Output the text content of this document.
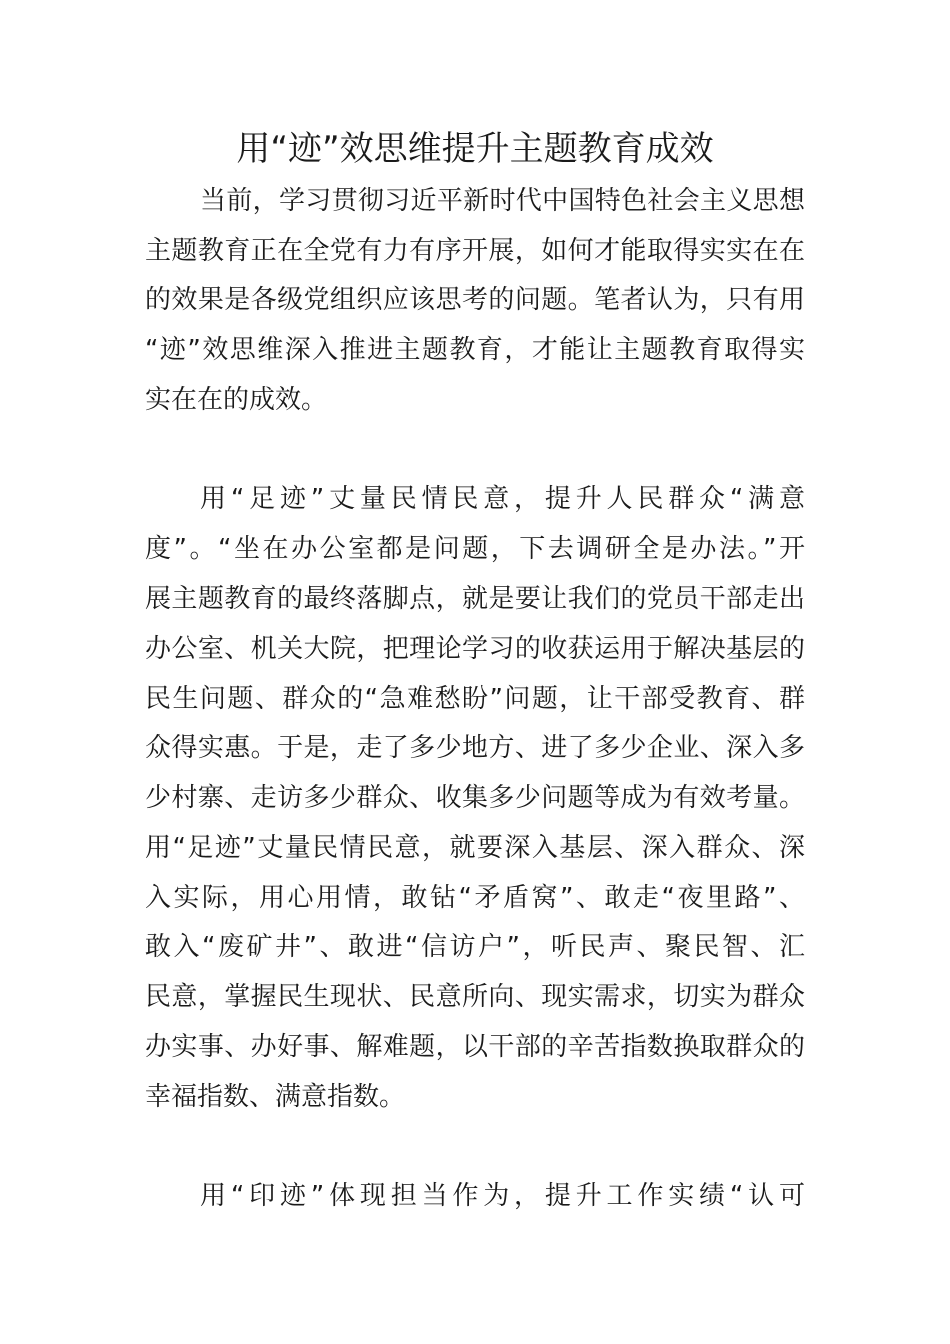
用“迹”效思维提升主题教育成效
当前，学习贯彻习近平新时代中国特色社会主义思想
主题教育正在全党有力有序开展，如何才能取得实实在在
的效果是各级党组织应该思考的问题。笔者认为，只有用
“迹”效思维深入推进主题教育，才能让主题教育取得实
实在在的成效。
用“足迹”丈量民情民意，提升人民群众“满意
度”。“坐在办公室都是问题，下去调研全是办法。”开
展主题教育的最终落脚点，就是要让我们的党员干部走出
办公室、机关大院，把理论学习的收获运用于解决基层的
民生问题、群众的“急难愁盼”问题，让干部受教育、群
众得实惠。于是，走了多少地方、进了多少企业、深入多
少村寨、走访多少群众、收集多少问题等成为有效考量。
用“足迹”丈量民情民意，就要深入基层、深入群众、深
入实际，用心用情，敢钻“矛盾窝”、敢走“夜里路”、
敢入“废矿井”、敢进“信访户”，听民声、聚民智、汇
民意，掌握民生现状、民意所向、现实需求，切实为群众
办实事、办好事、解难题，以干部的辛苦指数换取群众的
幸福指数、满意指数。
用“印迹”体现担当作为，提升工作实绩“认可
